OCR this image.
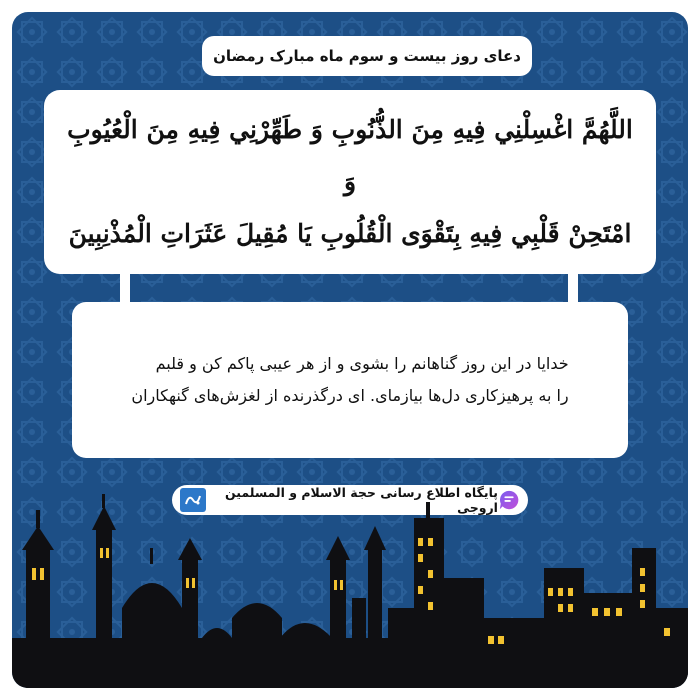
دعای روز بیست و سوم ماه مبارک رمضان
اللَّهُمَّ اغْسِلْنِي فِيهِ مِنَ الذُّنُوبِ وَ طَهِّرْنِي فِيهِ مِنَ الْعُيُوبِ وَ
امْتَحِنْ قَلْبِي فِيهِ بِتَقْوَى الْقُلُوبِ يَا مُقِيلَ عَثَرَاتِ الْمُذْنِبِينَ
خدایا در این روز گناهانم را بشوی و از هر عیبی پاکم کن و قلبم
را به پرهیزکاری دل‌ها بیازمای. ای درگذرنده از لغزش‌های گنهکاران
پایگاه اطلاع رسانی حجة الاسلام و المسلمین اروجی
